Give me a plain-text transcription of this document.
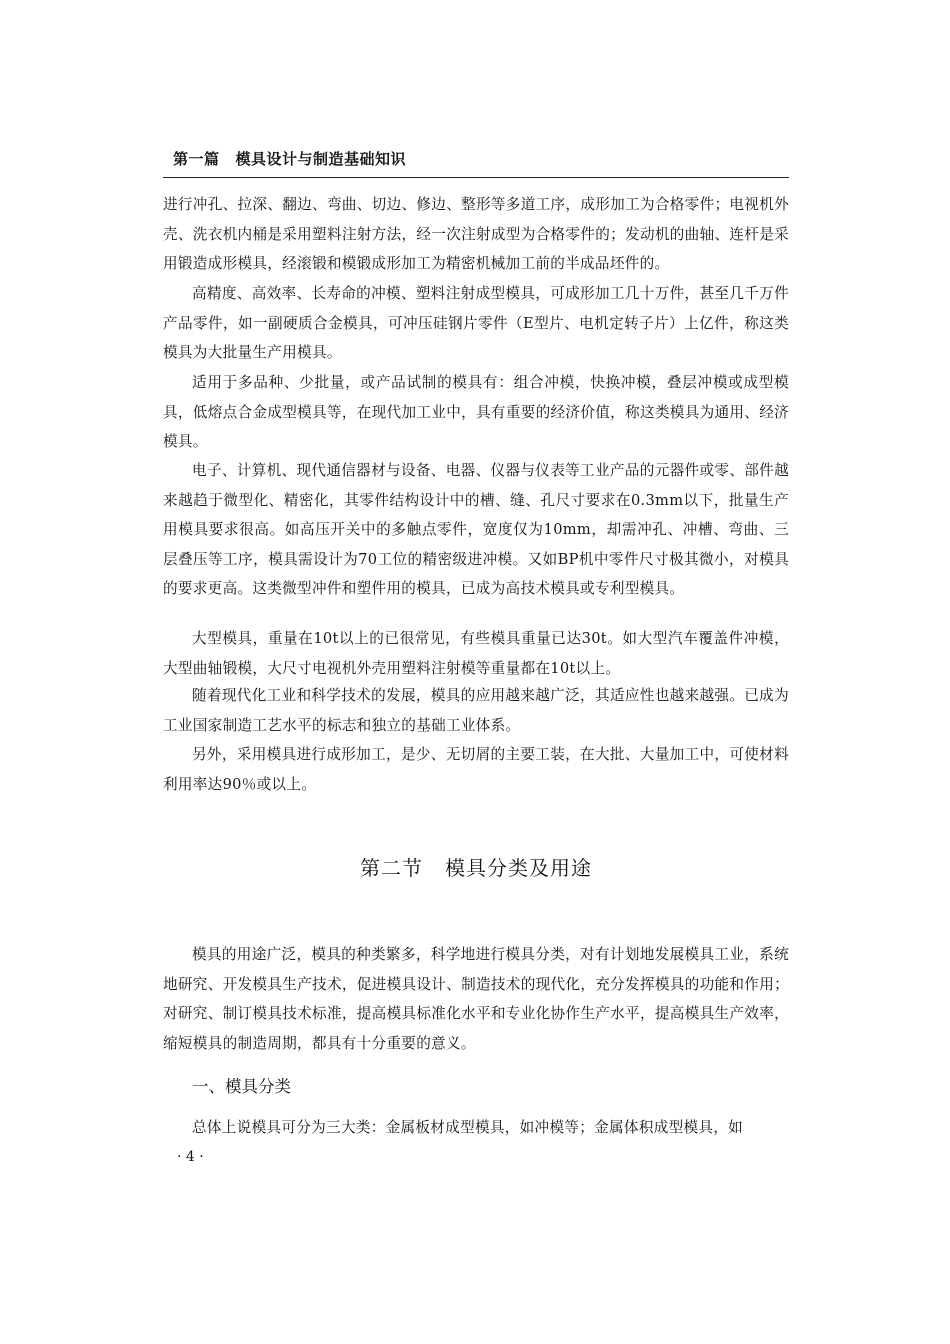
第一篇 模具设计与制造基础知识

进行冲孔、拉深、翻边、弯曲、切边、修边、整形等多道工序，成形加工为合格零件；电视机外壳、洗衣机内桶是采用塑料注射方法，经一次注射成型为合格零件的；发动机的曲轴、连杆是采用锻造成形模具，经滚锻和模锻成形加工为精密机械加工前的半成品坯件的。

高精度、高效率、长寿命的冲模、塑料注射成型模具，可成形加工几十万件，甚至几千万件产品零件，如一副硬质合金模具，可冲压硅钢片零件（E型片、电机定转子片）上亿件，称这类模具为大批量生产用模具。

适用于多品种、少批量，或产品试制的模具有：组合冲模，快换冲模，叠层冲模或成型模具，低熔点合金成型模具等，在现代加工业中，具有重要的经济价值，称这类模具为通用、经济模具。

电子、计算机、现代通信器材与设备、电器、仪器与仪表等工业产品的元器件或零、部件越来越趋于微型化、精密化，其零件结构设计中的槽、缝、孔尺寸要求在0.3mm以下，批量生产用模具要求很高。如高压开关中的多触点零件，宽度仅为10mm，却需冲孔、冲槽、弯曲、三层叠压等工序，模具需设计为70工位的精密级进冲模。又如BP机中零件尺寸极其微小，对模具的要求更高。这类微型冲件和塑件用的模具，已成为高技术模具或专利型模具。

大型模具，重量在10t以上的已很常见，有些模具重量已达30t。如大型汽车覆盖件冲模，大型曲轴锻模，大尺寸电视机外壳用塑料注射模等重量都在10t以上。

随着现代化工业和科学技术的发展，模具的应用越来越广泛，其适应性也越来越强。已成为工业国家制造工艺水平的标志和独立的基础工业体系。

另外，采用模具进行成形加工，是少、无切屑的主要工装，在大批、大量加工中，可使材料利用率达90％或以上。

第二节 模具分类及用途

模具的用途广泛，模具的种类繁多，科学地进行模具分类，对有计划地发展模具工业，系统地研究、开发模具生产技术，促进模具设计、制造技术的现代化，充分发挥模具的功能和作用；对研究、制订模具技术标准，提高模具标准化水平和专业化协作生产水平，提高模具生产效率，缩短模具的制造周期，都具有十分重要的意义。

一、模具分类

总体上说模具可分为三大类：金属板材成型模具，如冲模等；金属体积成型模具，如

· 4 ·
